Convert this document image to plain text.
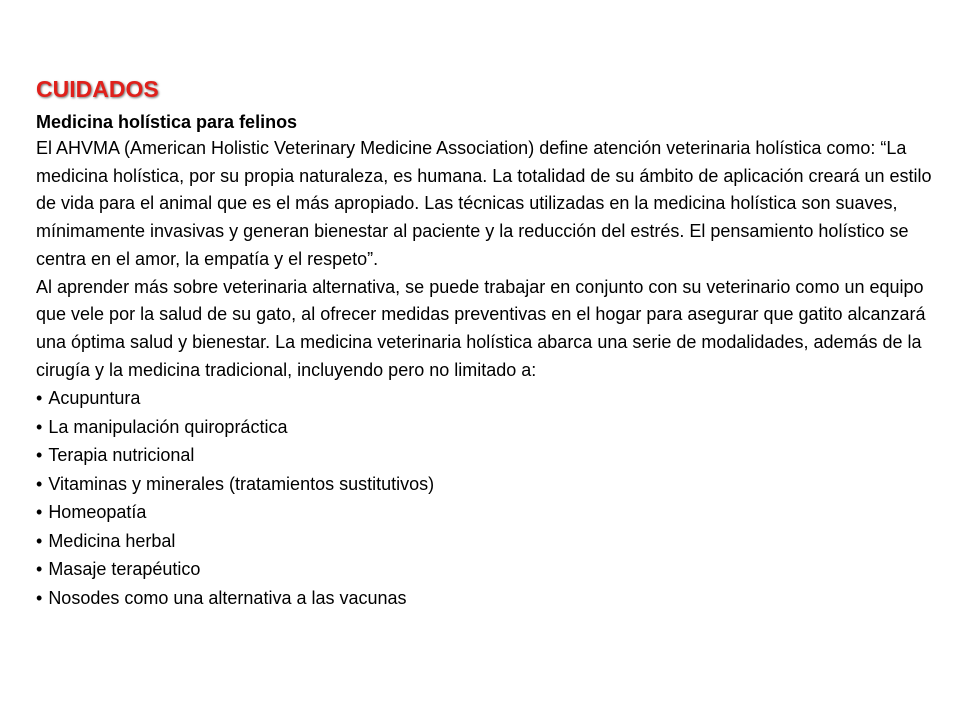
CUIDADOS
Medicina holística para felinos

El AHVMA (American Holistic Veterinary Medicine Association) define atención veterinaria holística como: “La medicina holística, por su propia naturaleza, es humana. La totalidad de su ámbito de aplicación creará un estilo de vida para el animal que es el más apropiado. Las técnicas utilizadas en la medicina holística son suaves, mínimamente invasivas y generan bienestar al paciente y la reducción del estrés. El pensamiento holístico se centra en el amor, la empatía y el respeto”.

Al aprender más sobre veterinaria alternativa, se puede trabajar en conjunto con su veterinario como un equipo que vele por la salud de su gato, al ofrecer medidas preventivas en el hogar para asegurar que gatito alcanzará una óptima salud y bienestar. La medicina veterinaria holística abarca una serie de modalidades, además de la cirugía y la medicina tradicional, incluyendo pero no limitado a:

• Acupuntura
• La manipulación quiropráctica
• Terapia nutricional
• Vitaminas y minerales (tratamientos sustitutivos)
• Homeopatía
• Medicina herbal
• Masaje terapéutico
• Nosodes como una alternativa a las vacunas
